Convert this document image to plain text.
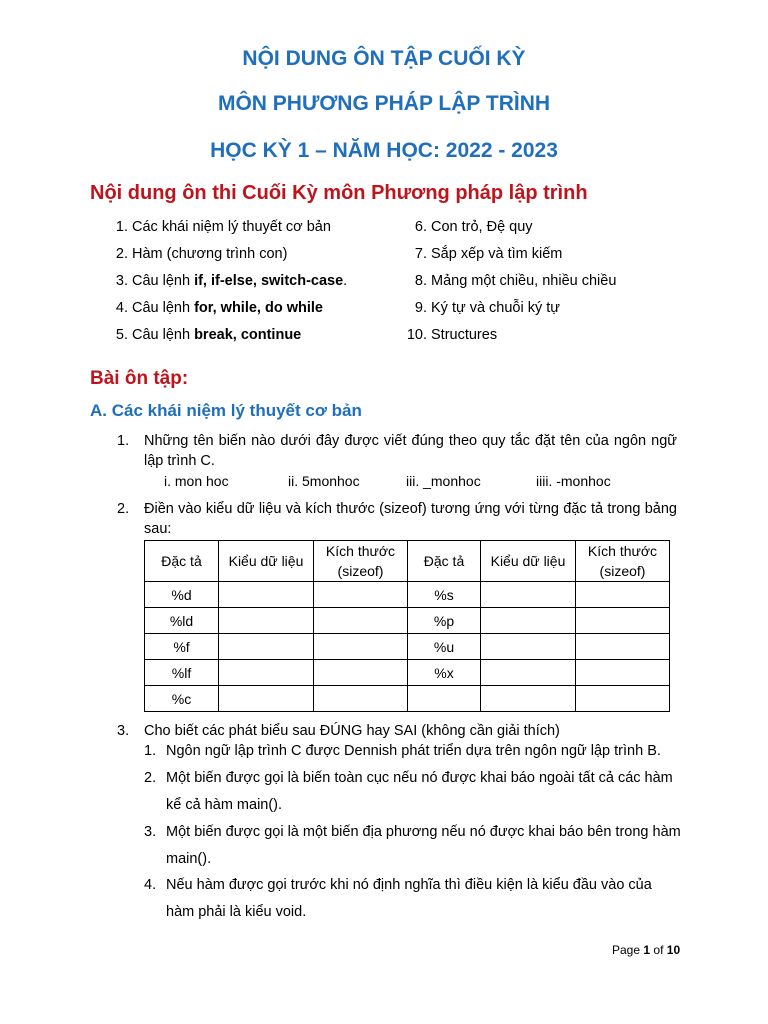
NỘI DUNG ÔN TẬP CUỐI KỲ
MÔN PHƯƠNG PHÁP LẬP TRÌNH
HỌC KỲ 1 – NĂM HỌC: 2022 - 2023
Nội dung ôn thi Cuối Kỳ môn Phương pháp lập trình
1. Các khái niệm lý thuyết cơ bản
2. Hàm (chương trình con)
3. Câu lệnh if, if-else, switch-case.
4. Câu lệnh for, while, do while
5. Câu lệnh break, continue
6. Con trỏ, Đệ quy
7. Sắp xếp và tìm kiếm
8. Mảng một chiều, nhiều chiều
9. Ký tự và chuỗi ký tự
10. Structures
Bài ôn tập:
A. Các khái niệm lý thuyết cơ bản
1. Những tên biến nào dưới đây được viết đúng theo quy tắc đặt tên của ngôn ngữ lập trình C.
i. mon hoc	ii. 5monhoc	iii. _monhoc	iiii. -monhoc
2. Điền vào kiểu dữ liệu và kích thước (sizeof) tương ứng với từng đặc tả trong bảng sau:
Đặc tả	Kiểu dữ liệu	Kích thước (sizeof)	Đặc tả	Kiểu dữ liệu	Kích thước (sizeof)
%d			%s		
%ld			%p		
%f			%u		
%lf			%x		
%c					
3. Cho biết các phát biểu sau ĐÚNG hay SAI (không cần giải thích)
1. Ngôn ngữ lập trình C được Dennish phát triển dựa trên ngôn ngữ lập trình B.
2. Một biến được gọi là biến toàn cục nếu nó được khai báo ngoài tất cả các hàm kể cả hàm main().
3. Một biến được gọi là một biến địa phương nếu nó được khai báo bên trong hàm main().
4. Nếu hàm được gọi trước khi nó định nghĩa thì điều kiện là kiểu đầu vào của hàm phải là kiểu void.
Page 1 of 10
